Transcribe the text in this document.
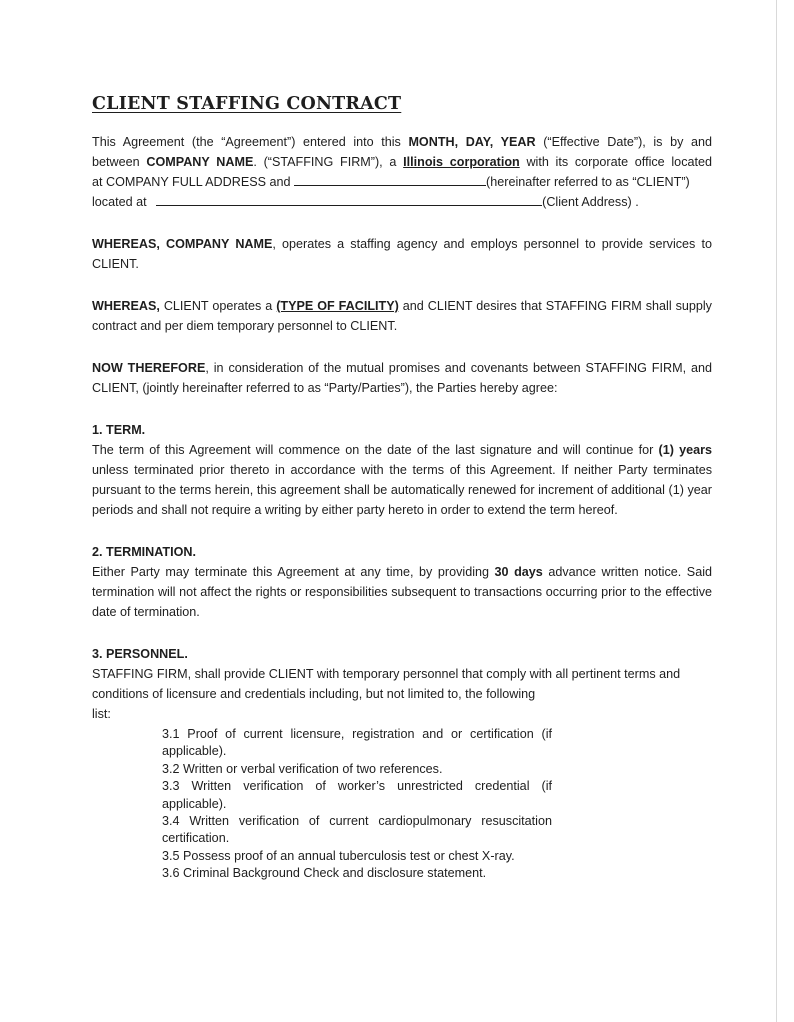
CLIENT STAFFING CONTRACT
This Agreement (the “Agreement”) entered into this MONTH, DAY, YEAR (“Effective Date”), is by and
between COMPANY NAME. (“STAFFING FIRM”), a Illinois corporation with its corporate office located
at COMPANY FULL ADDRESS and	(hereinafter referred to as “CLIENT”)
located at	(Client Address) .

WHEREAS, COMPANY NAME, operates a staffing agency and employs personnel to provide services to CLIENT.

WHEREAS, CLIENT operates a (TYPE OF FACILITY) and CLIENT desires that STAFFING FIRM shall supply contract and per diem temporary personnel to CLIENT.

NOW THEREFORE, in consideration of the mutual promises and covenants between STAFFING FIRM, and CLIENT, (jointly hereinafter referred to as “Party/Parties”), the Parties hereby agree:

1. TERM.

The term of this Agreement will commence on the date of the last signature and will continue for (1) years unless terminated prior thereto in accordance with the terms of this Agreement. If neither Party terminates pursuant to the terms herein, this agreement shall be automatically renewed for increment of additional (1) year periods and shall not require a writing by either party hereto in order to extend the term hereof.

2. TERMINATION.

Either Party may terminate this Agreement at any time, by providing 30 days advance written notice. Said termination will not affect the rights or responsibilities subsequent to transactions occurring prior to the effective date of termination.

3. PERSONNEL.

STAFFING FIRM, shall provide CLIENT with temporary personnel that comply with all pertinent terms and
conditions of licensure and credentials including, but not limited to, the following
list:
3.1 Proof of current licensure, registration and or certification (if applicable).
3.2 Written or verbal verification of two references.
3.3 Written verification of worker’s unrestricted credential (if applicable).
3.4 Written verification of current cardiopulmonary resuscitation certification.
3.5 Possess proof of an annual tuberculosis test or chest X-ray.
3.6 Criminal Background Check and disclosure statement.
